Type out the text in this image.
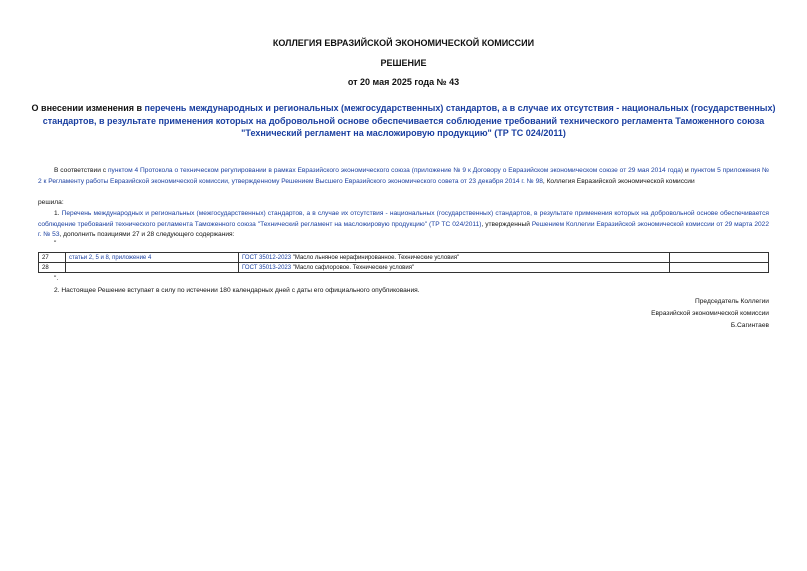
КОЛЛЕГИЯ ЕВРАЗИЙСКОЙ ЭКОНОМИЧЕСКОЙ КОМИССИИ
РЕШЕНИЕ
от 20 мая 2025 года № 43
О внесении изменения в перечень международных и региональных (межгосударственных) стандартов, а в случае их отсутствия - национальных (государственных) стандартов, в результате применения которых на добровольной основе обеспечивается соблюдение требований технического регламента Таможенного союза "Технический регламент на масложировую продукцию" (ТР ТС 024/2011)
В соответствии с пунктом 4 Протокола о техническом регулировании в рамках Евразийского экономического союза (приложение № 9 к Договору о Евразийском экономическом союзе от 29 мая 2014 года) и пунктом 5 приложения № 2 к Регламенту работы Евразийской экономической комиссии, утвержденному Решением Высшего Евразийского экономического совета от 23 декабря 2014 г. № 98, Коллегия Евразийской экономической комиссии
решила:
1. Перечень международных и региональных (межгосударственных) стандартов, а в случае их отсутствия - национальных (государственных) стандартов, в результате применения которых на добровольной основе обеспечивается соблюдение требований технического регламента Таможенного союза "Технический регламент на масложировую продукцию" (ТР ТС 024/2011), утвержденный Решением Коллегии Евразийской экономической комиссии от 29 марта 2022 г. № 53, дополнить позициями 27 и 28 следующего содержания:
"
27	статьи 2, 5 и 8, приложение 4	ГОСТ 35012-2023 "Масло льняное нерафинированное. Технические условия"	
28		ГОСТ 35013-2023 "Масло сафлоровое. Технические условия"	
".
2. Настоящее Решение вступает в силу по истечении 180 календарных дней с даты его официального опубликования.
Председатель Коллегии
Евразийской экономической комиссии
Б.Сагинтаев
